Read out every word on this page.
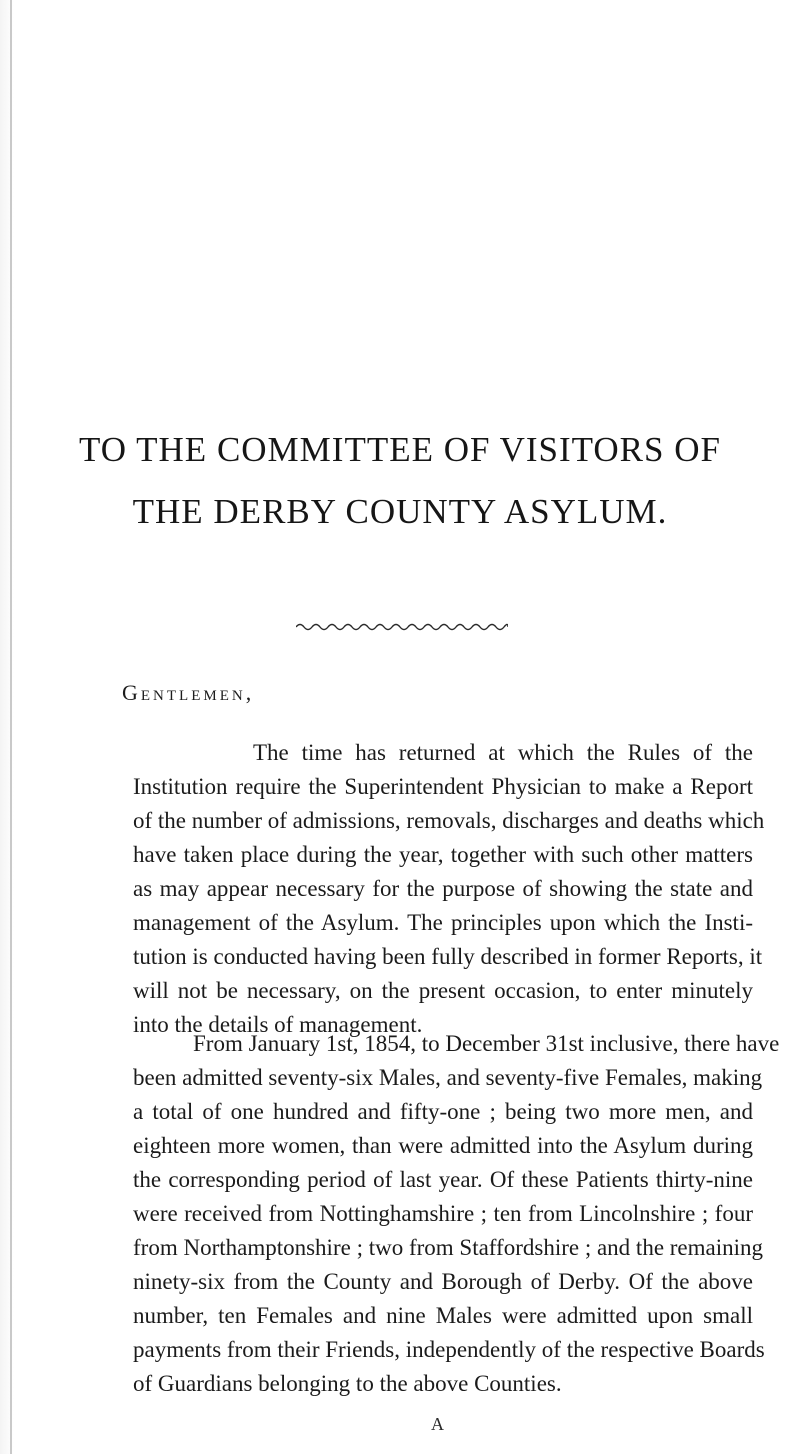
TO THE COMMITTEE OF VISITORS OF
THE DERBY COUNTY ASYLUM.
Gentlemen,
The time has returned at which the Rules of the
Institution require the Superintendent Physician to make a Report
of the number of admissions, removals, discharges and deaths which
have taken place during the year, together with such other matters
as may appear necessary for the purpose of showing the state and
management of the Asylum. The principles upon which the Insti-
tution is conducted having been fully described in former Reports, it
will not be necessary, on the present occasion, to enter minutely
into the details of management.
From January 1st, 1854, to December 31st inclusive, there have
been admitted seventy-six Males, and seventy-five Females, making
a total of one hundred and fifty-one ; being two more men, and
eighteen more women, than were admitted into the Asylum during
the corresponding period of last year. Of these Patients thirty-nine
were received from Nottinghamshire ; ten from Lincolnshire ; four
from Northamptonshire ; two from Staffordshire ; and the remaining
ninety-six from the County and Borough of Derby. Of the above
number, ten Females and nine Males were admitted upon small
payments from their Friends, independently of the respective Boards
of Guardians belonging to the above Counties.
A
